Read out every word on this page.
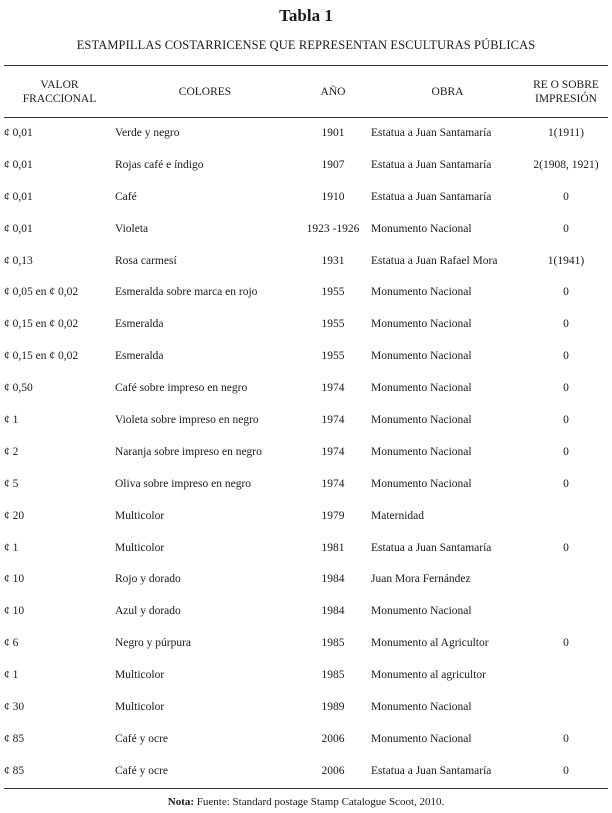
Tabla 1

ESTAMPILLAS COSTARRICENSE QUE REPRESENTAN ESCULTURAS PÚBLICAS

VALOR
FRACCIONAL	COLORES	AÑO	OBRA	RE O SOBRE
IMPRESIÓN
¢ 0,01	Verde y negro	1901	Estatua a Juan Santamaría	1(1911)
¢ 0,01	Rojas café e índigo	1907	Estatua a Juan Santamaría	2(1908, 1921)
¢ 0,01	Café	1910	Estatua a Juan Santamaría	0
¢ 0,01	Violeta	1923 -1926	Monumento Nacional	0
¢ 0,13	Rosa carmesí	1931	Estatua a Juan Rafael Mora	1(1941)
¢ 0,05 en ¢ 0,02	Esmeralda sobre marca en rojo	1955	Monumento Nacional	0
¢ 0,15 en ¢ 0,02	Esmeralda	1955	Monumento Nacional	0
¢ 0,15 en ¢ 0,02	Esmeralda	1955	Monumento Nacional	0
¢ 0,50	Café sobre impreso en negro	1974	Monumento Nacional	0
¢ 1	Violeta sobre impreso en negro	1974	Monumento Nacional	0
¢ 2	Naranja sobre impreso en negro	1974	Monumento Nacional	0
¢ 5	Oliva sobre impreso en negro	1974	Monumento Nacional	0
¢ 20	Multicolor	1979	Maternidad	
¢ 1	Multicolor	1981	Estatua a Juan Santamaría	0
¢ 10	Rojo y dorado	1984	Juan Mora Fernández	
¢ 10	Azul y dorado	1984	Monumento Nacional	
¢ 6	Negro y púrpura	1985	Monumento al Agricultor	0
¢ 1	Multicolor	1985	Monumento al agricultor	
¢ 30	Multicolor	1989	Monumento Nacional	
¢ 85	Café y ocre	2006	Monumento Nacional	0
¢ 85	Café y ocre	2006	Estatua a Juan Santamaría	0

Nota: Fuente: Standard postage Stamp Catalogue Scoot, 2010.
